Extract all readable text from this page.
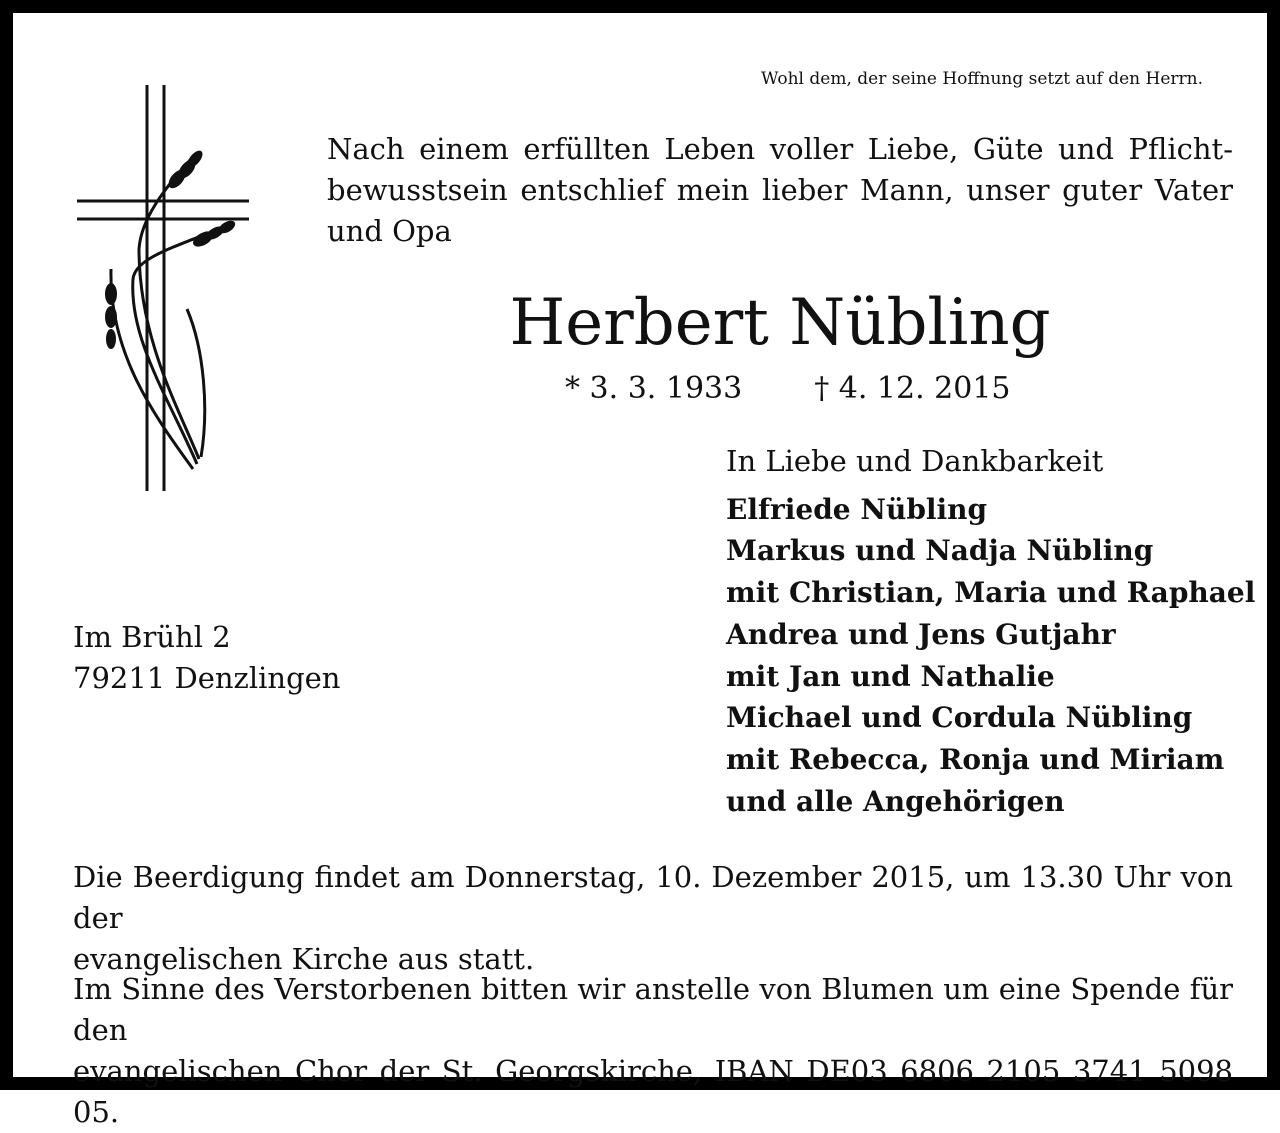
Wohl dem, der seine Hoffnung setzt auf den Herrn.
Nach einem erfüllten Leben voller Liebe, Güte und Pflicht-
bewusstsein entschlief mein lieber Mann, unser guter Vater
und Opa
Herbert Nübling
* 3. 3. 1933 † 4. 12. 2015
Im Brühl 2
79211 Denzlingen
In Liebe und Dankbarkeit
Elfriede Nübling
Markus und Nadja Nübling
mit Christian, Maria und Raphael
Andrea und Jens Gutjahr
mit Jan und Nathalie
Michael und Cordula Nübling
mit Rebecca, Ronja und Miriam
und alle Angehörigen
Die Beerdigung findet am Donnerstag, 10. Dezember 2015, um 13.30 Uhr von der
evangelischen Kirche aus statt.
Im Sinne des Verstorbenen bitten wir anstelle von Blumen um eine Spende für den
evangelischen Chor der St. Georgskirche, IBAN DE03 6806 2105 3741 5098 05.
